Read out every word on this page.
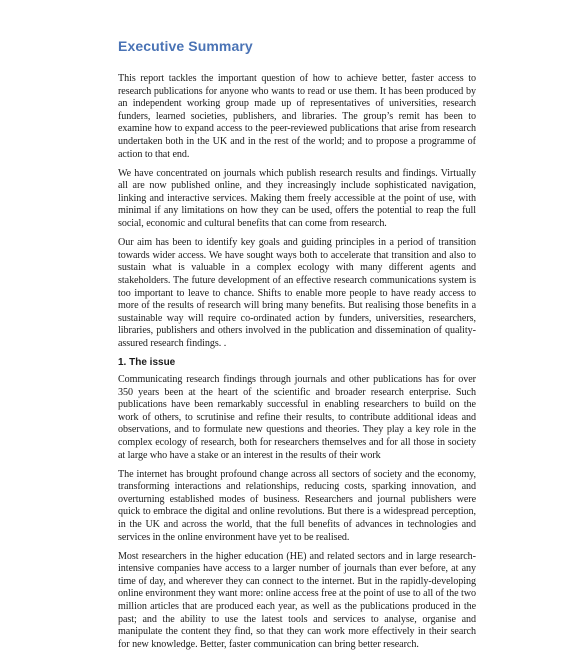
Executive Summary

This report tackles the important question of how to achieve better, faster access to research publications for anyone who wants to read or use them. It has been produced by an independent working group made up of representatives of universities, research funders, learned societies, publishers, and libraries. The group’s remit has been to examine how to expand access to the peer-reviewed publications that arise from research undertaken both in the UK and in the rest of the world; and to propose a programme of action to that end.

We have concentrated on journals which publish research results and findings. Virtually all are now published online, and they increasingly include sophisticated navigation, linking and interactive services. Making them freely accessible at the point of use, with minimal if any limitations on how they can be used, offers the potential to reap the full social, economic and cultural benefits that can come from research.

Our aim has been to identify key goals and guiding principles in a period of transition towards wider access. We have sought ways both to accelerate that transition and also to sustain what is valuable in a complex ecology with many different agents and stakeholders. The future development of an effective research communications system is too important to leave to chance. Shifts to enable more people to have ready access to more of the results of research will bring many benefits. But realising those benefits in a sustainable way will require co-ordinated action by funders, universities, researchers, libraries, publishers and others involved in the publication and dissemination of quality-assured research findings. .

1. The issue

Communicating research findings through journals and other publications has for over 350 years been at the heart of the scientific and broader research enterprise. Such publications have been remarkably successful in enabling researchers to build on the work of others, to scrutinise and refine their results, to contribute additional ideas and observations, and to formulate new questions and theories. They play a key role in the complex ecology of research, both for researchers themselves and for all those in society at large who have a stake or an interest in the results of their work

The internet has brought profound change across all sectors of society and the economy, transforming interactions and relationships, reducing costs, sparking innovation, and overturning established modes of business. Researchers and journal publishers were quick to embrace the digital and online revolutions. But there is a widespread perception, in the UK and across the world, that the full benefits of advances in technologies and services in the online environment have yet to be realised.

Most researchers in the higher education (HE) and related sectors and in large research-intensive companies have access to a larger number of journals than ever before, at any time of day, and wherever they can connect to the internet. But in the rapidly-developing online environment they want more: online access free at the point of use to all of the two million articles that are produced each year, as well as the publications produced in the past; and the ability to use the latest tools and services to analyse, organise and manipulate the content they find, so that they can work more effectively in their search for new knowledge. Better, faster communication can bring better research.
